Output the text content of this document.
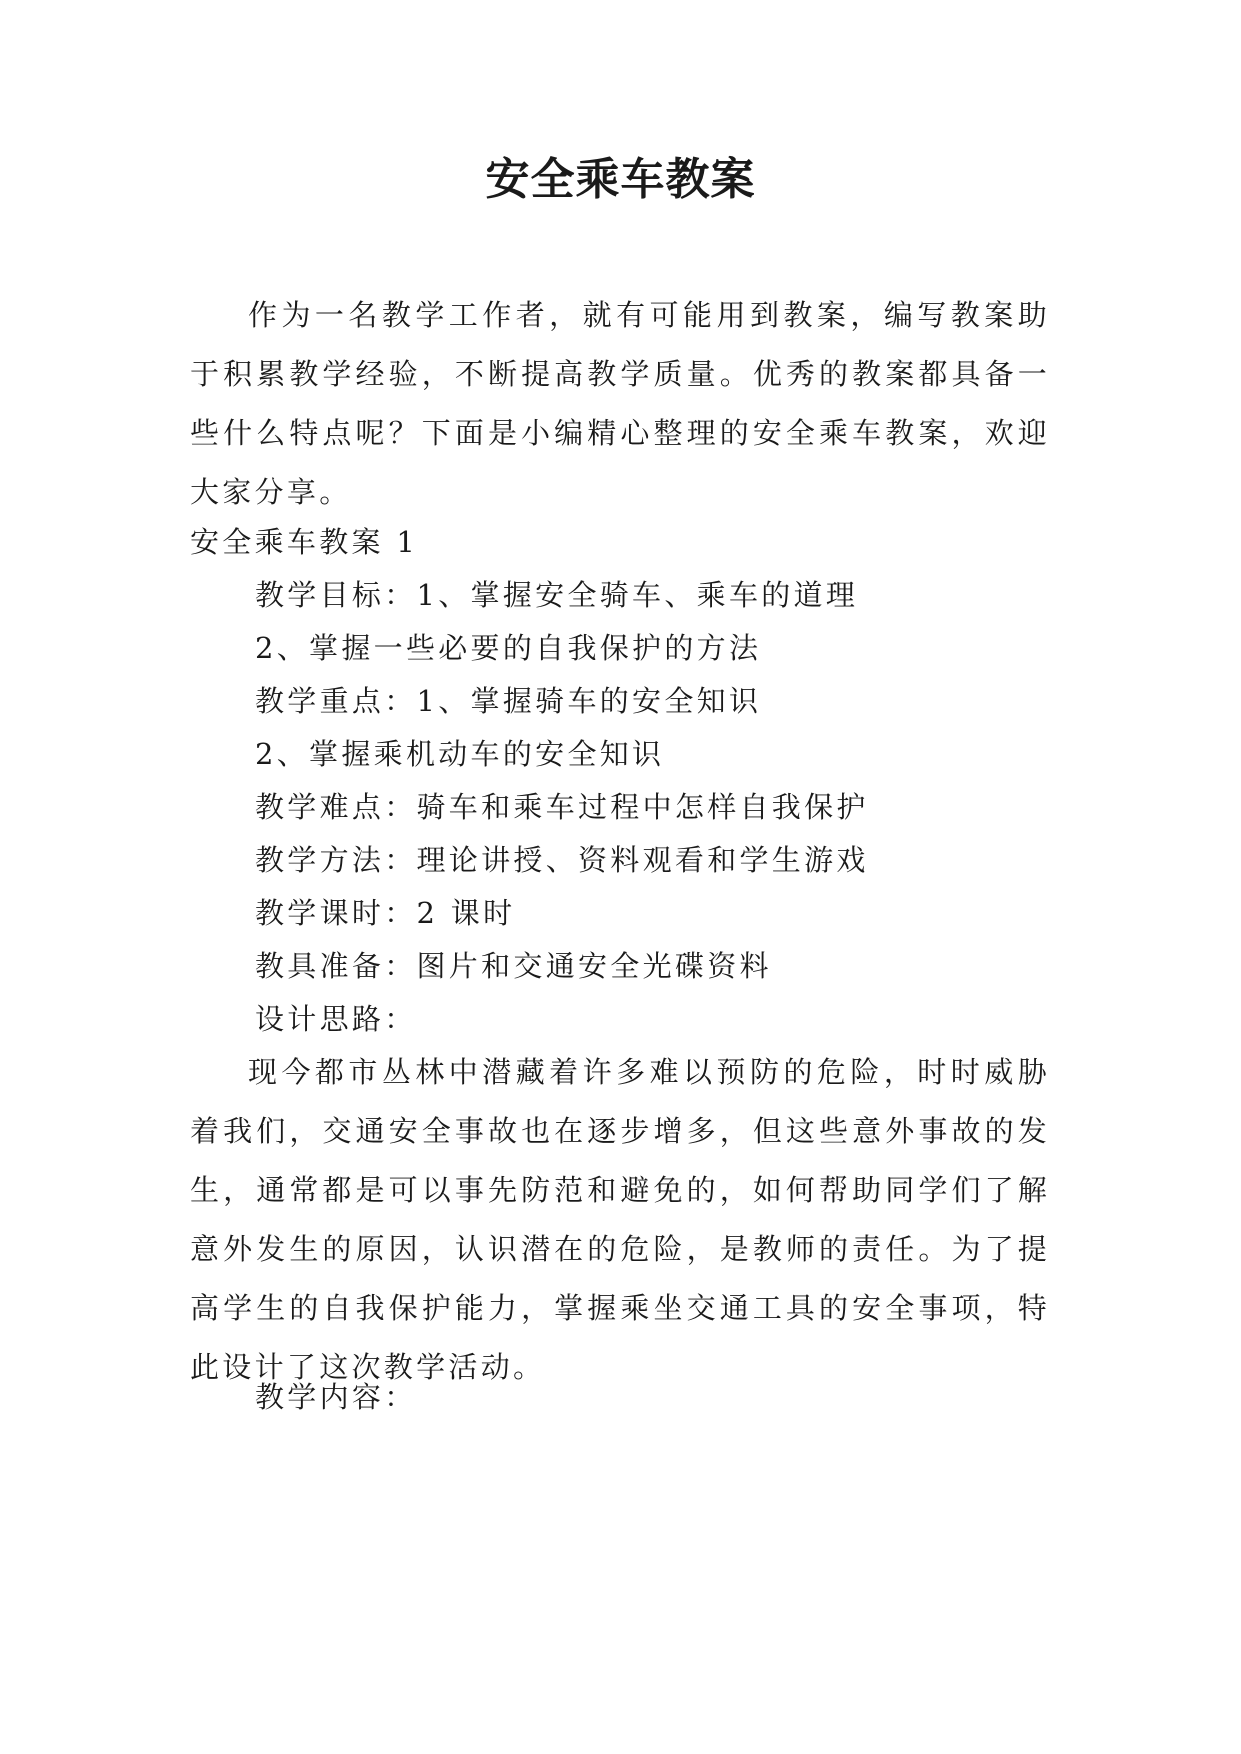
安全乘车教案

作为一名教学工作者，就有可能用到教案，编写教案助于积累教学经验，不断提高教学质量。优秀的教案都具备一些什么特点呢？下面是小编精心整理的安全乘车教案，欢迎大家分享。

安全乘车教案 1
教学目标：1、掌握安全骑车、乘车的道理
2、掌握一些必要的自我保护的方法
教学重点：1、掌握骑车的安全知识
2、掌握乘机动车的安全知识
教学难点：骑车和乘车过程中怎样自我保护
教学方法：理论讲授、资料观看和学生游戏
教学课时：2 课时
教具准备：图片和交通安全光碟资料
设计思路：

现今都市丛林中潜藏着许多难以预防的危险，时时威胁着我们，交通安全事故也在逐步增多，但这些意外事故的发生，通常都是可以事先防范和避免的，如何帮助同学们了解意外发生的原因，认识潜在的危险，是教师的责任。为了提高学生的自我保护能力，掌握乘坐交通工具的安全事项，特此设计了这次教学活动。

教学内容：
